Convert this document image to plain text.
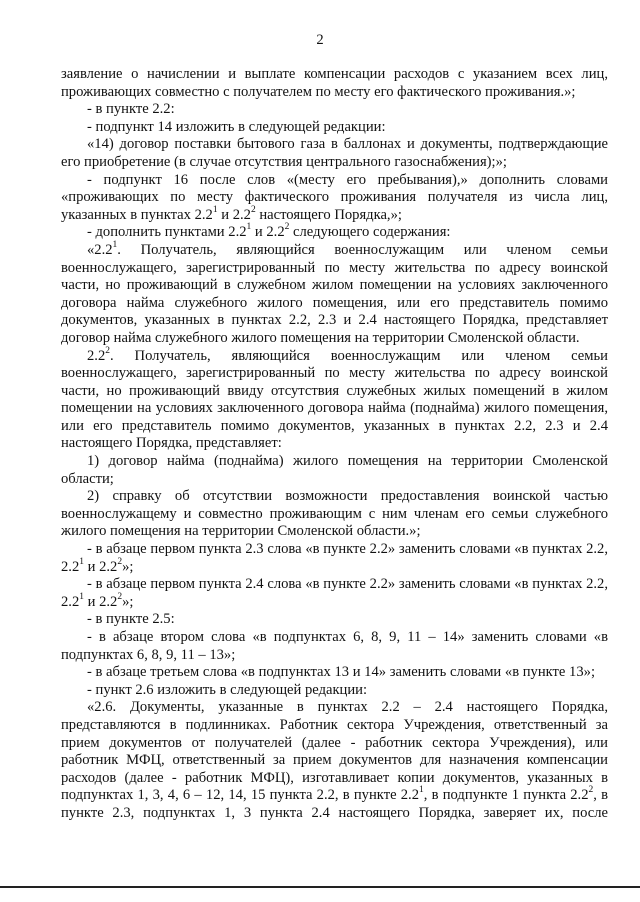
2

заявление о начислении и выплате компенсации расходов с указанием всех лиц, проживающих совместно с получателем по месту его фактического проживания.»;

- в пункте 2.2:

- подпункт 14 изложить в следующей редакции:

«14) договор поставки бытового газа в баллонах и документы, подтверждающие его приобретение (в случае отсутствия центрального газоснабжения);»;

- подпункт 16 после слов «(месту его пребывания),» дополнить словами «проживающих по месту фактического проживания получателя из числа лиц, указанных в пунктах $2.2^1$ и $2.2^2$ настоящего Порядка,»;

- дополнить пунктами $2.2^1$ и $2.2^2$ следующего содержания:

«$2.2^1$. Получатель, являющийся военнослужащим или членом семьи военнослужащего, зарегистрированный по месту жительства по адресу воинской части, но проживающий в служебном жилом помещении на условиях заключенного договора найма служебного жилого помещения, или его представитель помимо документов, указанных в пунктах 2.2, 2.3 и 2.4 настоящего Порядка, представляет договор найма служебного жилого помещения на территории Смоленской области.

$2.2^2$. Получатель, являющийся военнослужащим или членом семьи военнослужащего, зарегистрированный по месту жительства по адресу воинской части, но проживающий ввиду отсутствия служебных жилых помещений в жилом помещении на условиях заключенного договора найма (поднайма) жилого помещения, или его представитель помимо документов, указанных в пунктах 2.2, 2.3 и 2.4 настоящего Порядка, представляет:

1) договор найма (поднайма) жилого помещения на территории Смоленской области;

2) справку об отсутствии возможности предоставления воинской частью военнослужащему и совместно проживающим с ним членам его семьи служебного жилого помещения на территории Смоленской области.»;

- в абзаце первом пункта 2.3 слова «в пункте 2.2» заменить словами «в пунктах 2.2, $2.2^1$ и $2.2^2$»;

- в абзаце первом пункта 2.4 слова «в пункте 2.2» заменить словами «в пунктах 2.2, $2.2^1$ и $2.2^2$»;

- в пункте 2.5:

- в абзаце втором слова «в подпунктах 6, 8, 9, 11 – 14» заменить словами «в подпунктах 6, 8, 9, 11 – 13»;

- в абзаце третьем слова «в подпунктах 13 и 14» заменить словами «в пункте 13»;

- пункт 2.6 изложить в следующей редакции:

«2.6. Документы, указанные в пунктах 2.2 – 2.4 настоящего Порядка, представляются в подлинниках. Работник сектора Учреждения, ответственный за прием документов от получателей (далее - работник сектора Учреждения), или работник МФЦ, ответственный за прием документов для назначения компенсации расходов (далее - работник МФЦ), изготавливает копии документов, указанных в подпунктах 1, 3, 4, 6 – 12, 14, 15 пункта 2.2, в пункте $2.2^1$, в подпункте 1 пункта $2.2^2$, в пункте 2.3, подпунктах 1, 3 пункта 2.4 настоящего Порядка, заверяет их, после
